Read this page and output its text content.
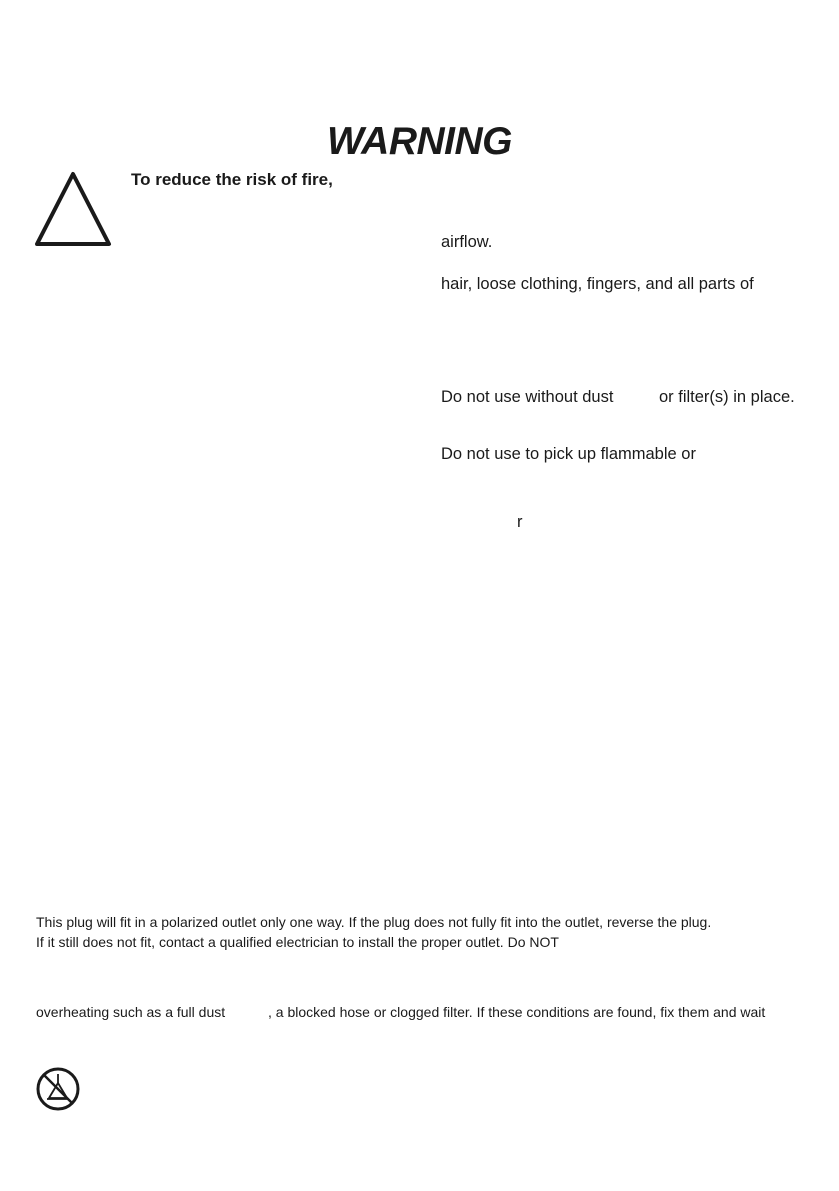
WARNING
To reduce the risk of fire,
airflow.
hair, loose clothing, fingers, and all parts of
Do not use without dust	or filter(s) in place.
Do not use to pick up flammable or
r
This plug will fit in a polarized outlet only one way. If the plug does not fully fit into the outlet, reverse the plug.
If it still does not fit, contact a qualified electrician to install the proper outlet. Do NOT
overheating such as a full dust	, a blocked hose or clogged filter. If these conditions are found, fix them and wait
